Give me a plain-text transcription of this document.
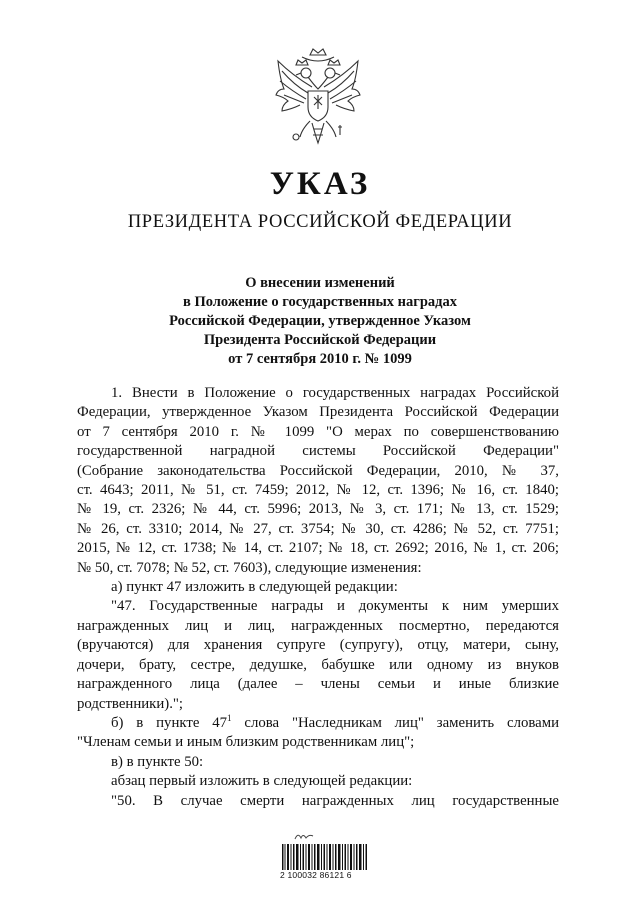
УКАЗ
ПРЕЗИДЕНТА РОССИЙСКОЙ ФЕДЕРАЦИИ
О внесении изменений
в Положение о государственных наградах
Российской Федерации, утвержденное Указом
Президента Российской Федерации
от 7 сентября 2010 г. № 1099

1. Внести в Положение о государственных наградах Российской

Федерации, утвержденное Указом Президента Российской Федерации

от 7 сентября 2010 г. № 1099 "О мерах по совершенствованию

государственной наградной системы Российской Федерации"

(Собрание законодательства Российской Федерации, 2010, № 37,

ст. 4643; 2011, № 51, ст. 7459; 2012, № 12, ст. 1396; № 16, ст. 1840;

№ 19, ст. 2326; № 44, ст. 5996; 2013, № 3, ст. 171; № 13, ст. 1529;

№ 26, ст. 3310; 2014, № 27, ст. 3754; № 30, ст. 4286; № 52, ст. 7751;

2015, № 12, ст. 1738; № 14, ст. 2107; № 18, ст. 2692; 2016, № 1, ст. 206;

№ 50, ст. 7078; № 52, ст. 7603), следующие изменения:

а) пункт 47 изложить в следующей редакции:

"47. Государственные награды и документы к ним умерших

награжденных лиц и лиц, награжденных посмертно, передаются

(вручаются) для хранения супруге (супругу), отцу, матери, сыну,

дочери, брату, сестре, дедушке, бабушке или одному из внуков

награжденного лица (далее – члены семьи и иные близкие

родственники).";

б) в пункте $47^1$ слова "Наследникам лиц" заменить словами

"Членам семьи и иным близким родственникам лиц";

в) в пункте 50:

абзац первый изложить в следующей редакции:

"50. В случае смерти награжденных лиц государственные

2 100032 86121 6
